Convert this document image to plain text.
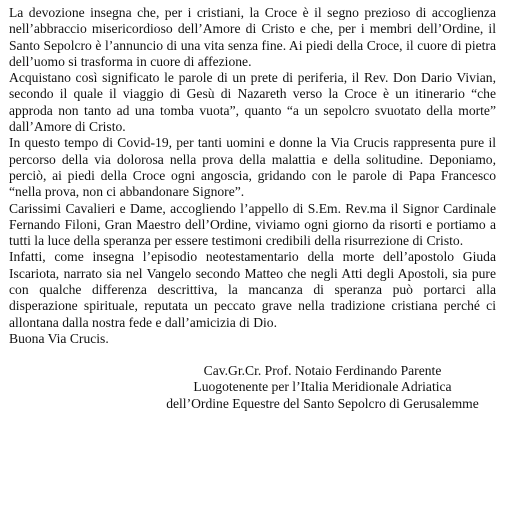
La devozione insegna che, per i cristiani, la Croce è il segno prezioso di accoglienza nell’abbraccio misericordioso dell’Amore di Cristo e che, per i membri dell’Ordine, il Santo Sepolcro è l’annuncio di una vita senza fine. Ai piedi della Croce, il cuore di pietra dell’uomo si trasforma in cuore di affezione.

Acquistano così significato le parole di un prete di periferia, il Rev. Don Dario Vivian, secondo il quale il viaggio di Gesù di Nazareth verso la Croce è un itinerario “che approda non tanto ad una tomba vuota”, quanto “a un sepolcro svuotato della morte” dall’Amore di Cristo.

In questo tempo di Covid-19, per tanti uomini e donne la Via Crucis rappresenta pure il percorso della via dolorosa nella prova della malattia e della solitudine. Deponiamo, perciò, ai piedi della Croce ogni angoscia, gridando con le parole di Papa Francesco “nella prova, non ci abbandonare Signore”.

Carissimi Cavalieri e Dame, accogliendo l’appello di S.Em. Rev.ma il Signor Cardinale Fernando Filoni, Gran Maestro dell’Ordine, viviamo ogni giorno da risorti e portiamo a tutti la luce della speranza per essere testimoni credibili della risurrezione di Cristo.

Infatti, come insegna l’episodio neotestamentario della morte dell’apostolo Giuda Iscariota, narrato sia nel Vangelo secondo Matteo che negli Atti degli Apostoli, sia pure con qualche differenza descrittiva, la mancanza di speranza può portarci alla disperazione spirituale, reputata un peccato grave nella tradizione cristiana perché ci allontana dalla nostra fede e dall’amicizia di Dio.

Buona Via Crucis.

Cav.Gr.Cr. Prof. Notaio Ferdinando Parente
Luogotenente per l’Italia Meridionale Adriatica
dell’Ordine Equestre del Santo Sepolcro di Gerusalemme
